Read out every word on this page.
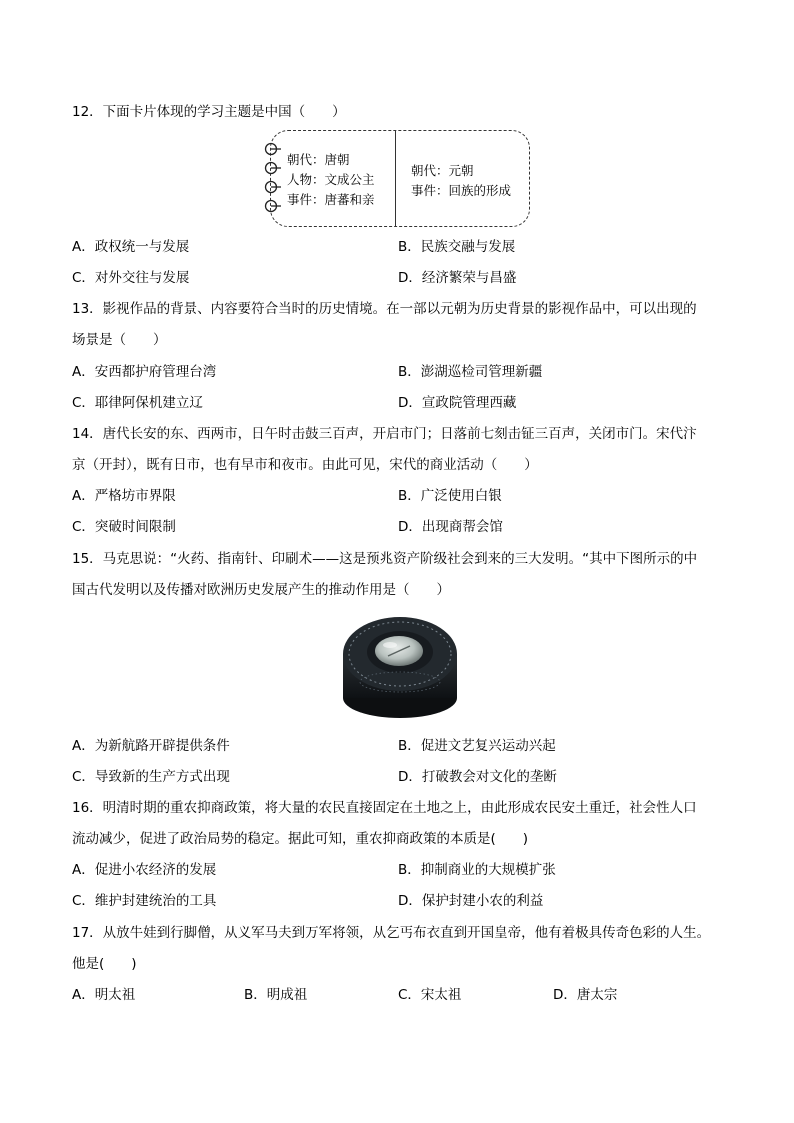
12．下面卡片体现的学习主题是中国（　　）
朝代：唐朝
人物：文成公主
事件：唐蕃和亲
朝代：元朝
事件：回族的形成
A．政权统一与发展	B．民族交融与发展
C．对外交往与发展	D．经济繁荣与昌盛
13．影视作品的背景、内容要符合当时的历史情境。在一部以元朝为历史背景的影视作品中，可以出现的
场景是（　　）
A．安西都护府管理台湾	B．澎湖巡检司管理新疆
C．耶律阿保机建立辽	D．宣政院管理西藏
14．唐代长安的东、西两市，日午时击鼓三百声，开启市门；日落前七刻击钲三百声，关闭市门。宋代汴
京（开封），既有日市，也有早市和夜市。由此可见，宋代的商业活动（　　）
A．严格坊市界限	B．广泛使用白银
C．突破时间限制	D．出现商帮会馆
15．马克思说：“火药、指南针、印刷术——这是预兆资产阶级社会到来的三大发明。“其中下图所示的中
国古代发明以及传播对欧洲历史发展产生的推动作用是（　　）
A．为新航路开辟提供条件	B．促进文艺复兴运动兴起
C．导致新的生产方式出现	D．打破教会对文化的垄断
16．明清时期的重农抑商政策，将大量的农民直接固定在土地之上，由此形成农民安土重迁，社会性人口
流动减少，促进了政治局势的稳定。据此可知，重农抑商政策的本质是(　　)
A．促进小农经济的发展	B．抑制商业的大规模扩张
C．维护封建统治的工具	D．保护封建小农的利益
17．从放牛娃到行脚僧，从义军马夫到万军将领，从乞丐布衣直到开国皇帝，他有着极具传奇色彩的人生。
他是(　　)
A．明太祖	B．明成祖	C．宋太祖	D．唐太宗
